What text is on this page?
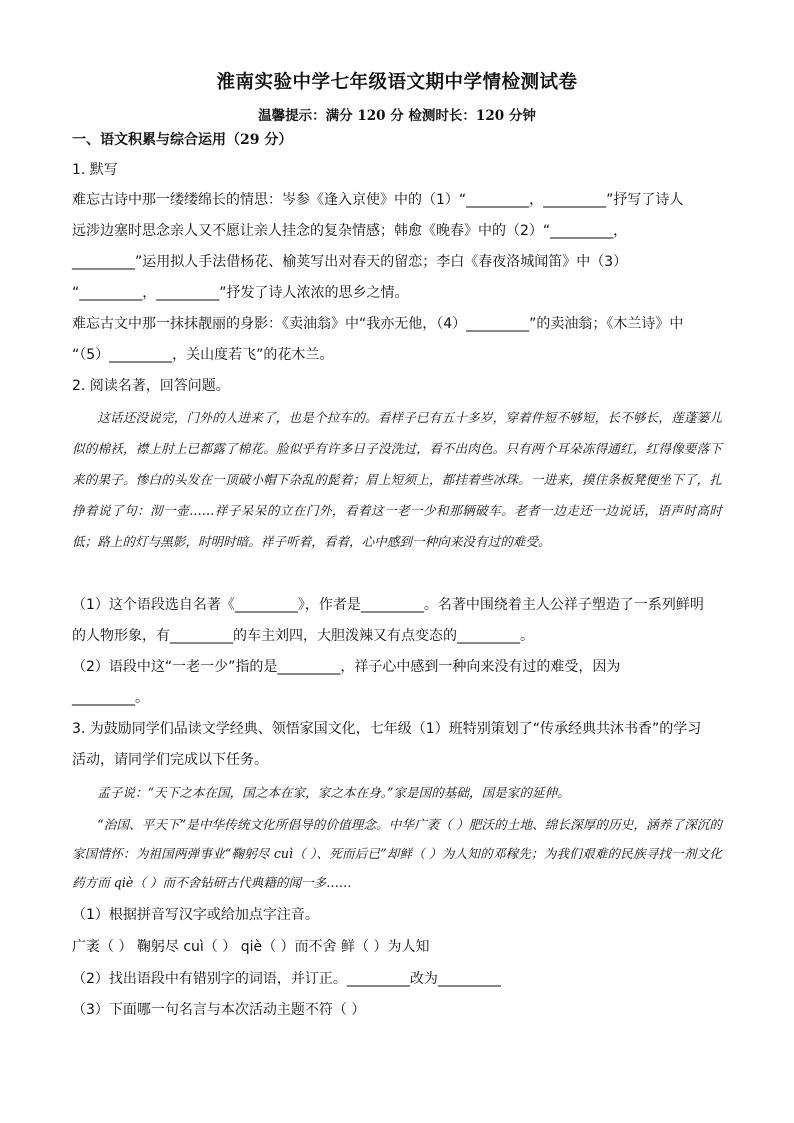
淮南实验中学七年级语文期中学情检测试卷
温馨提示：满分 120 分 检测时长：120 分钟
一、语文积累与综合运用（29 分）
1. 默写
难忘古诗中那一缕缕绵长的情思：岑参《逢入京使》中的（1）“_________，_________”抒写了诗人
远涉边塞时思念亲人又不愿让亲人挂念的复杂情感；韩愈《晚春》中的（2）“_________，
_________”运用拟人手法借杨花、榆荚写出对春天的留恋；李白《春夜洛城闻笛》中（3）
“_________，_________”抒发了诗人浓浓的思乡之情。
难忘古文中那一抹抹靓丽的身影：《卖油翁》中“我亦无他，（4）_________”的卖油翁；《木兰诗》中
“（5）_________，关山度若飞”的花木兰。
2. 阅读名著，回答问题。

这话还没说完，门外的人进来了，也是个拉车的。看样子已有五十多岁，穿着件短不够短，长不够长，莲蓬篓儿似的棉袄，襟上肘上已都露了棉花。脸似乎有许多日子没洗过，看不出肉色。只有两个耳朵冻得通红，红得像要落下来的果子。惨白的头发在一顶破小帽下杂乱的髭着；眉上短须上，都挂着些冰珠。一进来，摸住条板凳便坐下了，扎挣着说了句：沏一壶……祥子呆呆的立在门外，看着这一老一少和那辆破车。老者一边走还一边说话，语声时高时低；路上的灯与黑影，时明时暗。祥子听着，看着，心中感到一种向来没有过的难受。

（1）这个语段选自名著《_________》，作者是_________。名著中围绕着主人公祥子塑造了一系列鲜明
的人物形象，有_________的车主刘四，大胆泼辣又有点变态的_________。
（2）语段中这“一老一少”指的是_________，祥子心中感到一种向来没有过的难受，因为
_________。
3. 为鼓励同学们品读文学经典、领悟家国文化，七年级（1）班特别策划了“传承经典共沐书香”的学习
活动，请同学们完成以下任务。

孟子说：“天下之本在国，国之本在家，家之本在身。”家是国的基础，国是家的延伸。

“治国、平天下”是中华传统文化所倡导的价值理念。中华广袤（ ）肥沃的土地、绵长深厚的历史，涵养了深沉的家国情怀：为祖国两弹事业“鞠躬尽 cuì（ ）、死而后已”却鲜（ ）为人知的邓稼先；为我们艰难的民族寻找一剂文化药方而 qiè（ ）而不舍钻研古代典籍的闻一多……

（1）根据拼音写汉字或给加点字注音。
广袤（ ） 鞠躬尽 cuì（ ） qiè（ ）而不舍 鲜（ ）为人知
（2）找出语段中有错别字的词语，并订正。_________改为_________
（3）下面哪一句名言与本次活动主题不符（ ）
